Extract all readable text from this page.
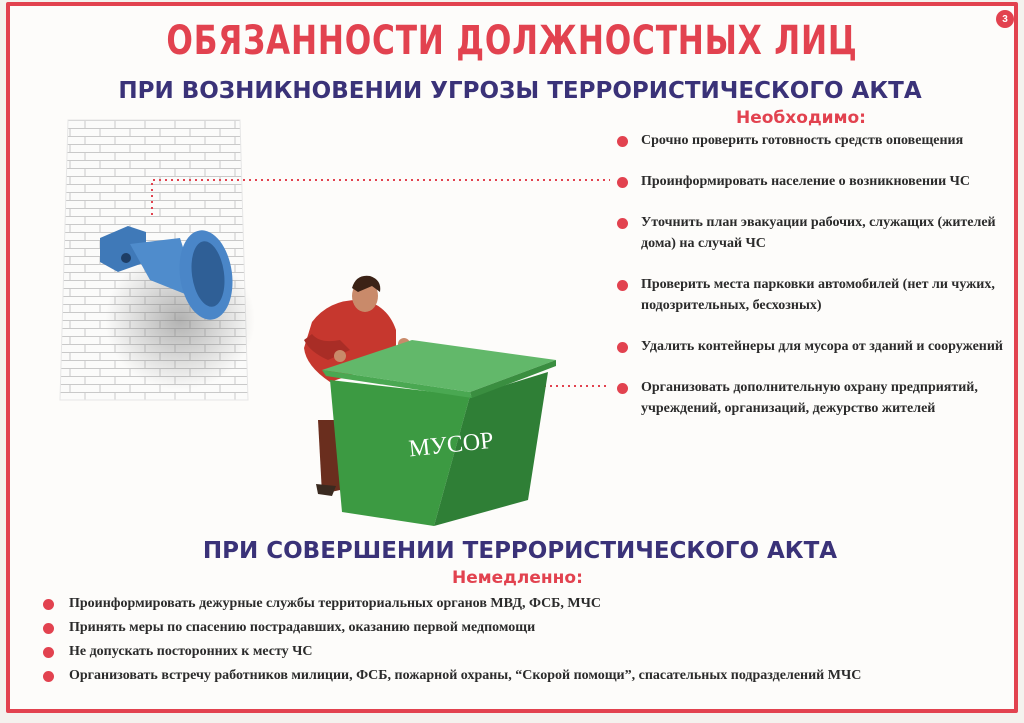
3
ОБЯЗАННОСТИ ДОЛЖНОСТНЫХ ЛИЦ
ПРИ ВОЗНИКНОВЕНИИ УГРОЗЫ ТЕРРОРИСТИЧЕСКОГО АКТА
Необходимо:
МУСОР
Срочно проверить готовность средств оповещения
Проинформировать население о возникновении ЧС
Уточнить план эвакуации рабочих, служащих (жителей дома) на случай ЧС
Проверить места парковки автомобилей (нет ли чужих, подозрительных, бесхозных)
Удалить контейнеры для мусора от зданий и сооружений
Организовать дополнительную охрану предприятий, учреждений, организаций, дежурство жителей
ПРИ СОВЕРШЕНИИ ТЕРРОРИСТИЧЕСКОГО АКТА
Немедленно:
Проинформировать дежурные службы территориальных органов МВД, ФСБ, МЧС
Принять меры по спасению пострадавших, оказанию первой медпомощи
Не допускать посторонних к месту ЧС
Организовать встречу работников милиции, ФСБ, пожарной охраны, “Скорой помощи”, спасательных подразделений МЧС
